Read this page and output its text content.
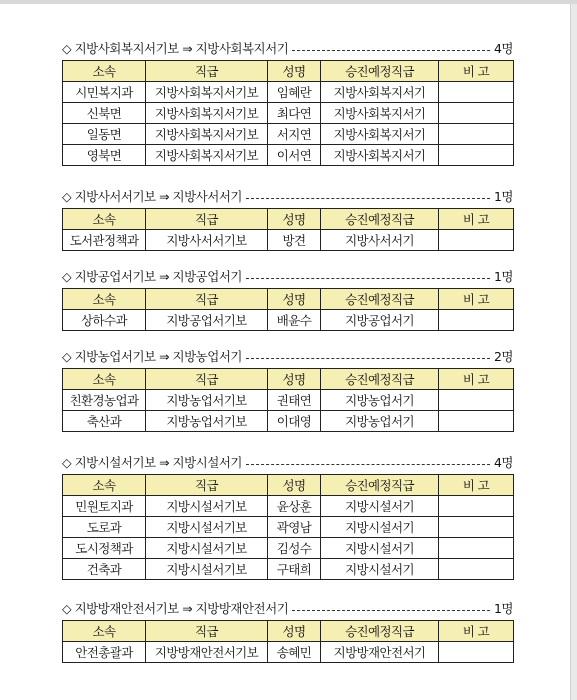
◇ 지방사회복지서기보 ⇒ 지방사회복지서기	4명
소속	직급	성명	승진예정직급	비 고
시민복지과	지방사회복지서기보	임혜란	지방사회복지서기	
신북면	지방사회복지서기보	최다연	지방사회복지서기	
일동면	지방사회복지서기보	서지연	지방사회복지서기	
영북면	지방사회복지서기보	이서연	지방사회복지서기	
◇ 지방사서서기보 ⇒ 지방사서서기	1명
소속	직급	성명	승진예정직급	비 고
도서관정책과	지방사서서기보	방견	지방사서서기	
◇ 지방공업서기보 ⇒ 지방공업서기	1명
소속	직급	성명	승진예정직급	비 고
상하수과	지방공업서기보	배윤수	지방공업서기	
◇ 지방농업서기보 ⇒ 지방농업서기	2명
소속	직급	성명	승진예정직급	비 고
친환경농업과	지방농업서기보	권태연	지방농업서기	
축산과	지방농업서기보	이대영	지방농업서기	
◇ 지방시설서기보 ⇒ 지방시설서기	4명
소속	직급	성명	승진예정직급	비 고
민원토지과	지방시설서기보	윤상훈	지방시설서기	
도로과	지방시설서기보	곽영남	지방시설서기	
도시정책과	지방시설서기보	김성수	지방시설서기	
건축과	지방시설서기보	구태희	지방시설서기	
◇ 지방방재안전서기보 ⇒ 지방방재안전서기	1명
소속	직급	성명	승진예정직급	비 고
안전총괄과	지방방재안전서기보	송혜민	지방방재안전서기	
